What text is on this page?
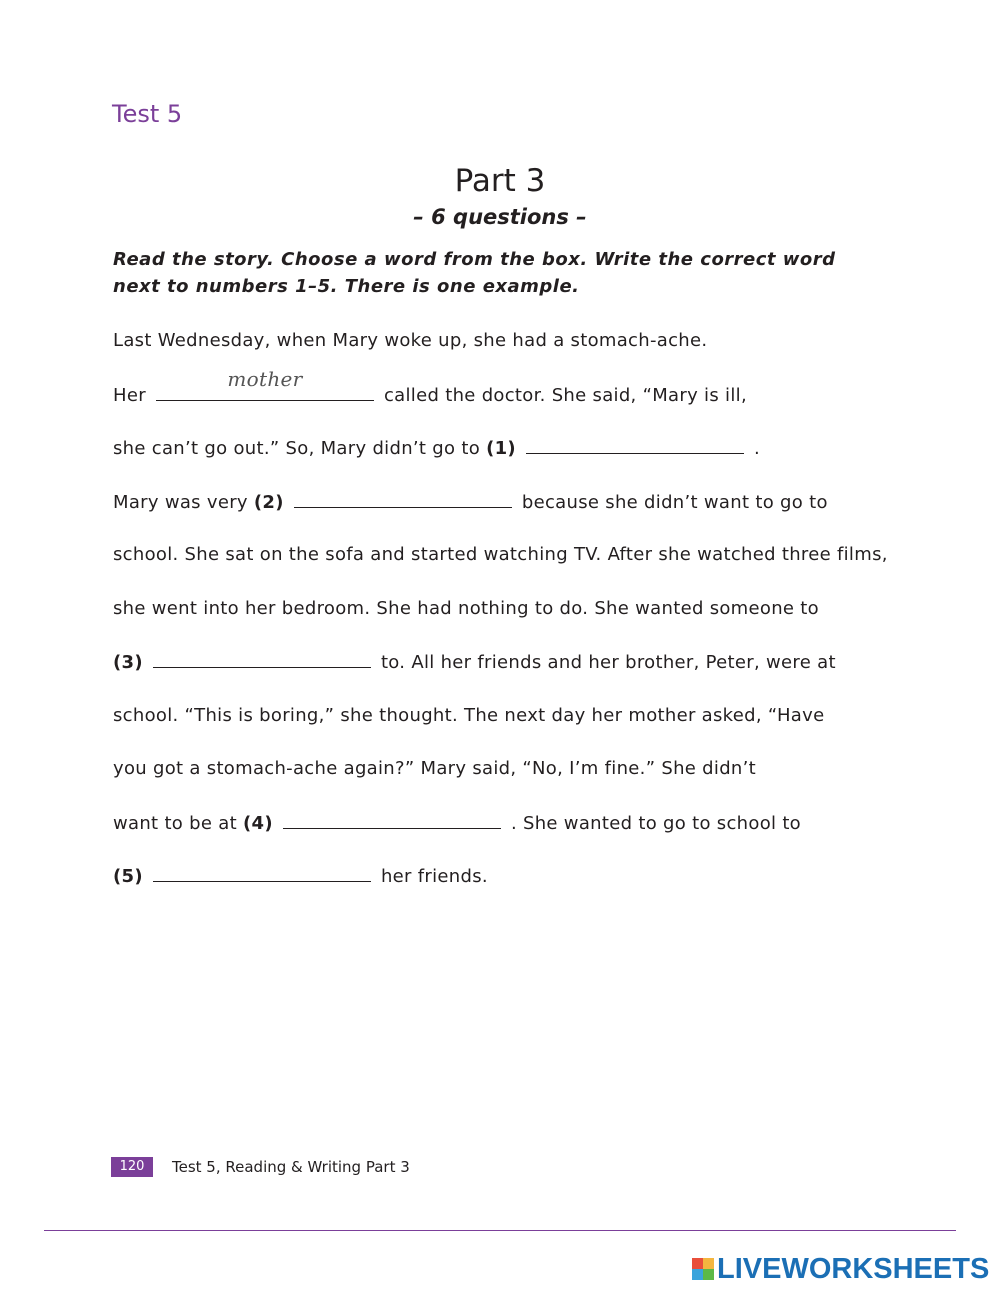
Test 5
Part 3
– 6 questions –
Read the story. Choose a word from the box. Write the correct word next to numbers 1–5. There is one example.
Last Wednesday, when Mary woke up, she had a stomach-ache.
Her
mother
called the doctor. She said, “Mary is ill,
she can’t go out.” So, Mary didn’t go to (1)	.
Mary was very (2)	because she didn’t want to go to
school. She sat on the sofa and started watching TV. After she watched three films,
she went into her bedroom. She had nothing to do. She wanted someone to
(3)	to. All her friends and her brother, Peter, were at
school. “This is boring,” she thought. The next day her mother asked, “Have
you got a stomach-ache again?” Mary said, “No, I’m fine.” She didn’t
want to be at (4)	. She wanted to go to school to
(5)	her friends.
120	Test 5, Reading & Writing Part 3
LIVEWORKSHEETS
